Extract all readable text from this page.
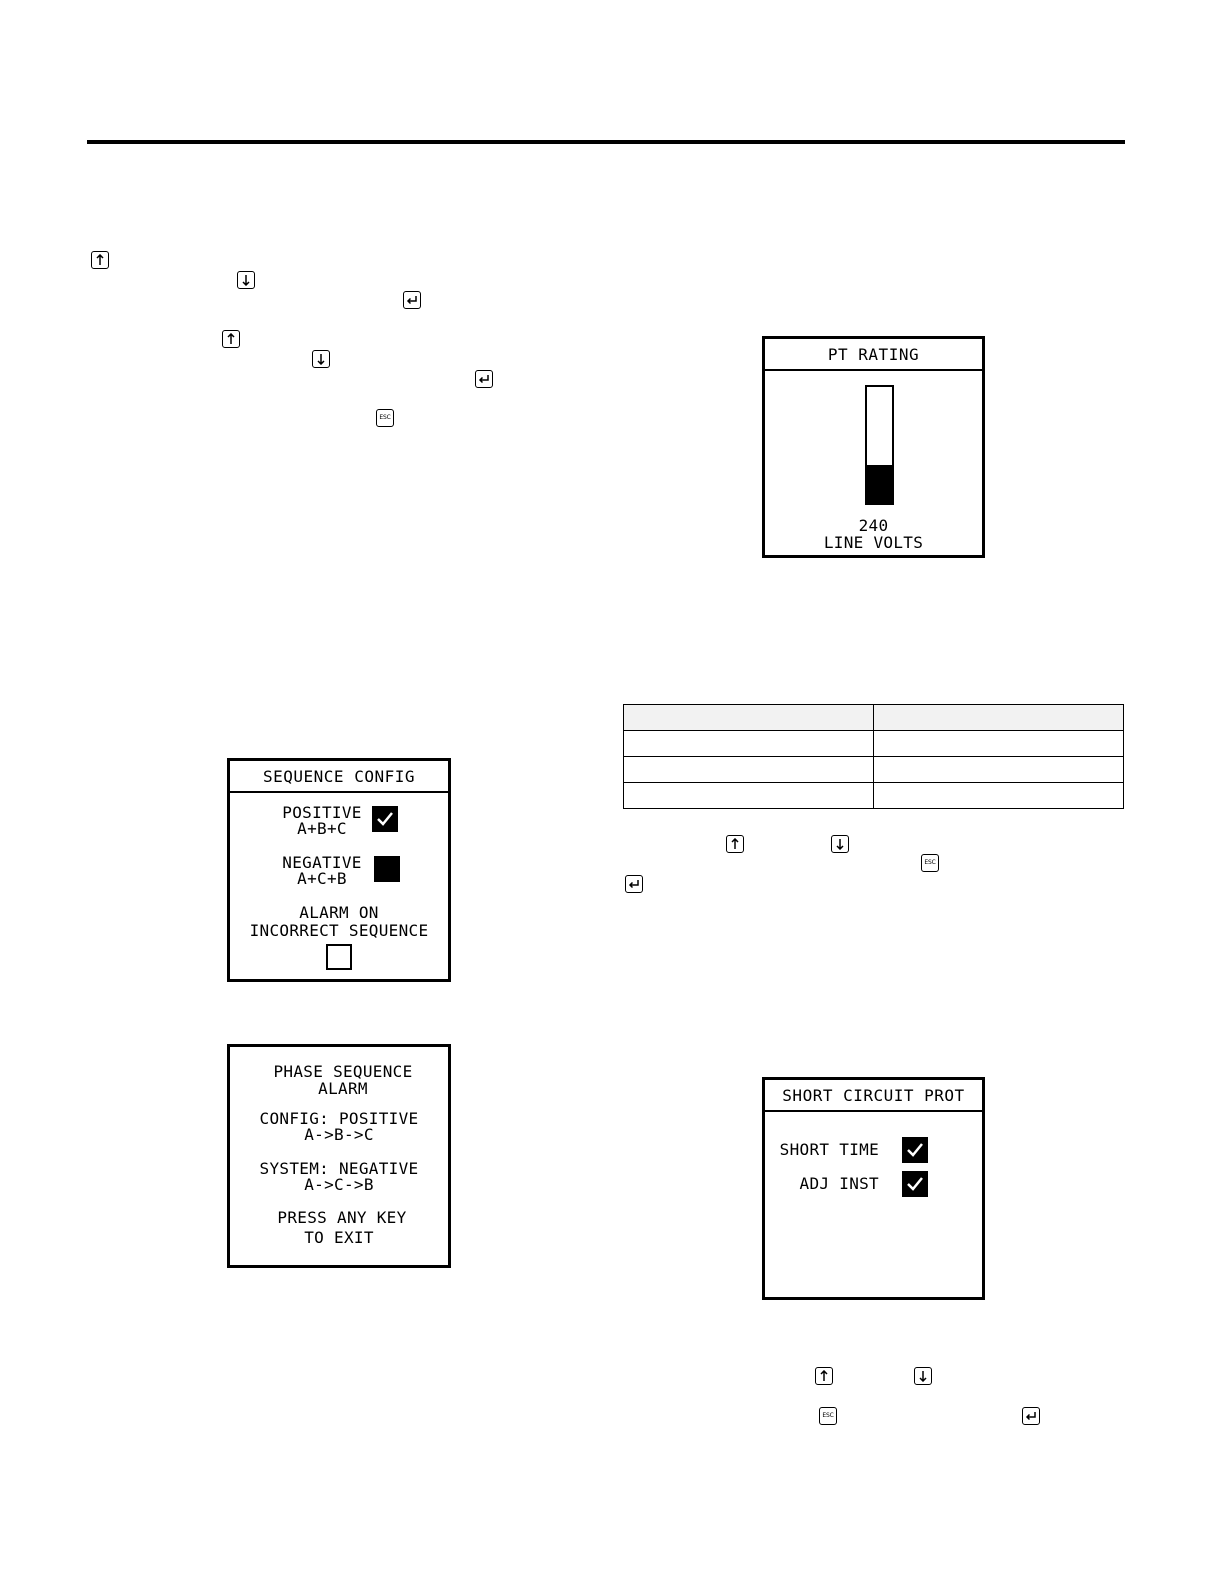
ESC
PT RATING
240
LINE VOLTS
SEQUENCE CONFIG
POSITIVE
A+B+C
NEGATIVE
A+C+B
ALARM ON
INCORRECT SEQUENCE
PHASE SEQUENCE
ALARM
CONFIG: POSITIVE
A->B->C
SYSTEM: NEGATIVE
A->C->B
PRESS ANY KEY
TO EXIT

ESC
SHORT CIRCUIT PROT
SHORT TIME
ADJ INST
ESC
